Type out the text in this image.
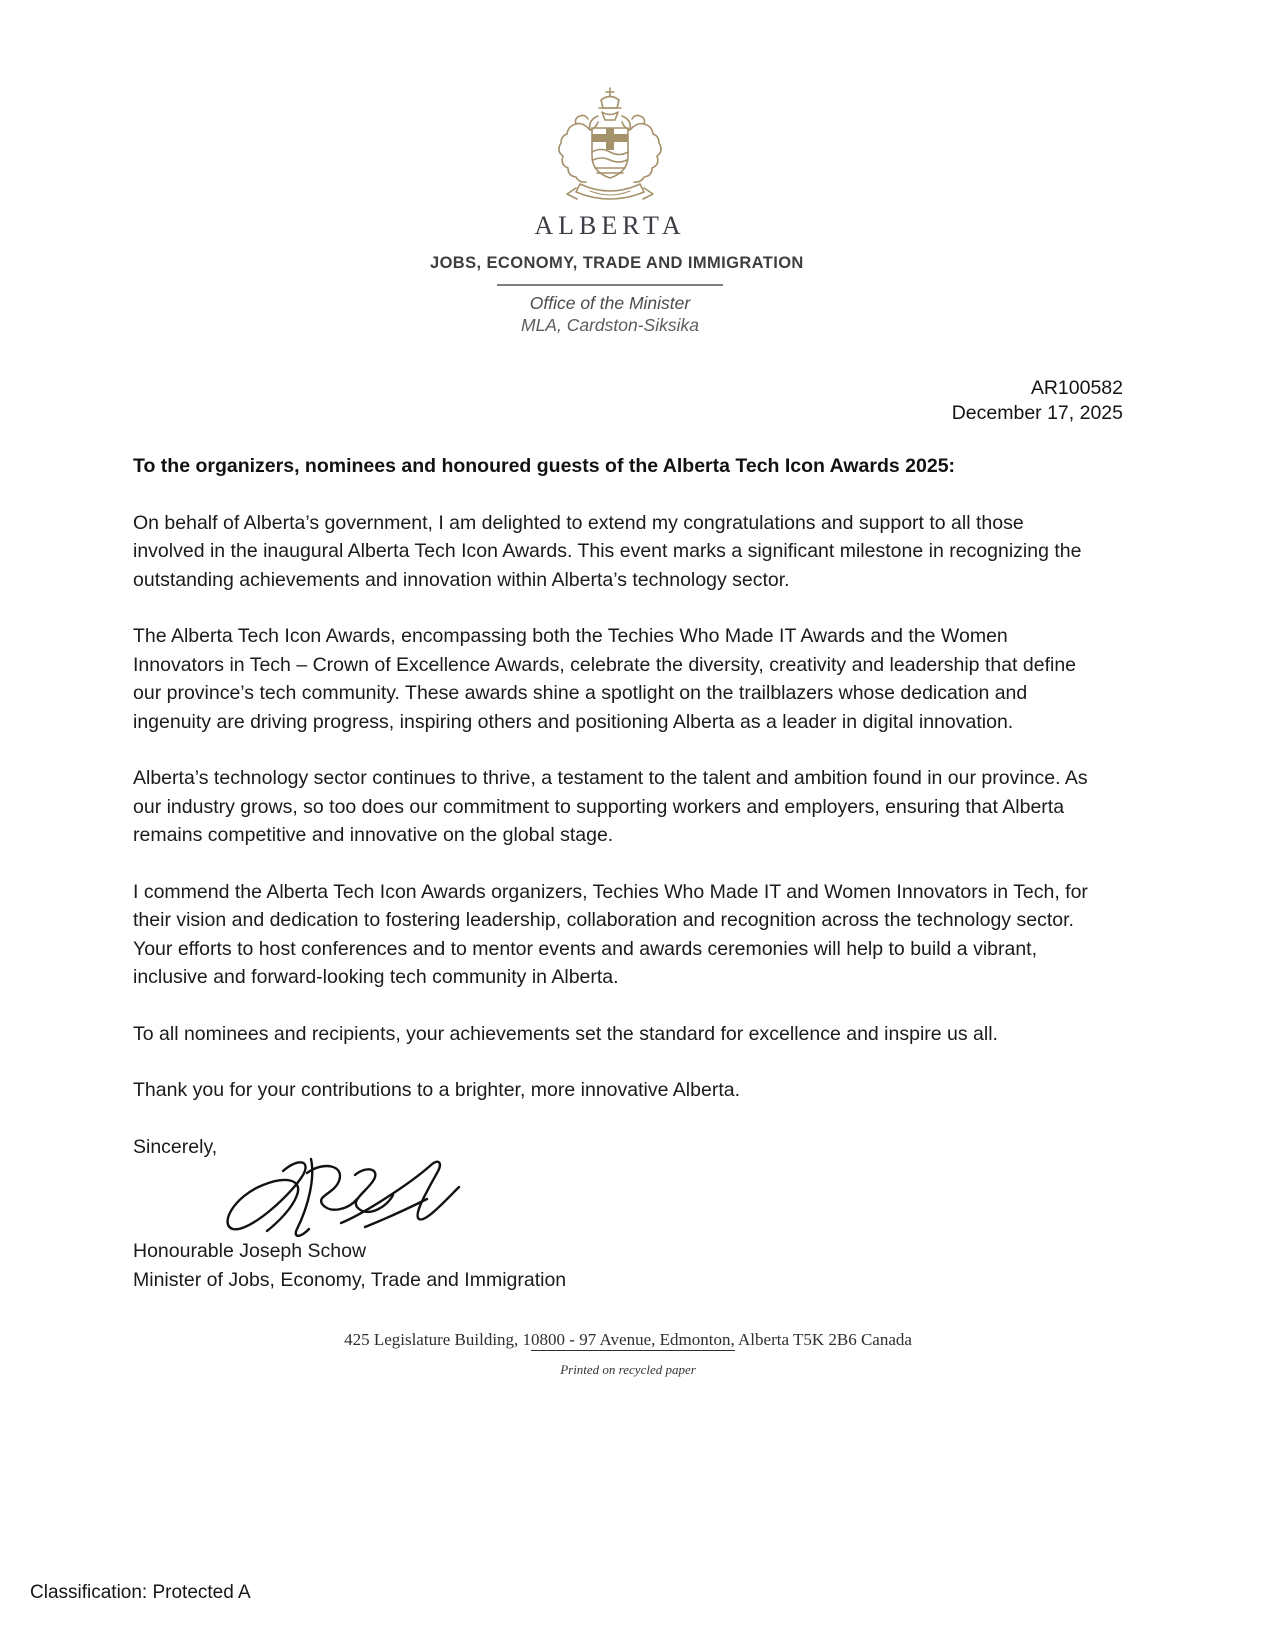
ALBERTA
JOBS, ECONOMY, TRADE AND IMMIGRATION
Office of the Minister
MLA, Cardston-Siksika
AR100582
December 17, 2025
To the organizers, nominees and honoured guests of the Alberta Tech Icon Awards 2025:
On behalf of Alberta’s government, I am delighted to extend my congratulations and support to all those involved in the inaugural Alberta Tech Icon Awards. This event marks a significant milestone in recognizing the outstanding achievements and innovation within Alberta’s technology sector.
The Alberta Tech Icon Awards, encompassing both the Techies Who Made IT Awards and the Women Innovators in Tech – Crown of Excellence Awards, celebrate the diversity, creativity and leadership that define our province’s tech community. These awards shine a spotlight on the trailblazers whose dedication and ingenuity are driving progress, inspiring others and positioning Alberta as a leader in digital innovation.
Alberta’s technology sector continues to thrive, a testament to the talent and ambition found in our province. As our industry grows, so too does our commitment to supporting workers and employers, ensuring that Alberta remains competitive and innovative on the global stage.
I commend the Alberta Tech Icon Awards organizers, Techies Who Made IT and Women Innovators in Tech, for their vision and dedication to fostering leadership, collaboration and recognition across the technology sector. Your efforts to host conferences and to mentor events and awards ceremonies will help to build a vibrant, inclusive and forward-looking tech community in Alberta.
To all nominees and recipients, your achievements set the standard for excellence and inspire us all.
Thank you for your contributions to a brighter, more innovative Alberta.
Sincerely,
Honourable Joseph Schow
Minister of Jobs, Economy, Trade and Immigration
425 Legislature Building, 10800 - 97 Avenue, Edmonton, Alberta T5K 2B6 Canada
Printed on recycled paper
Classification: Protected A
